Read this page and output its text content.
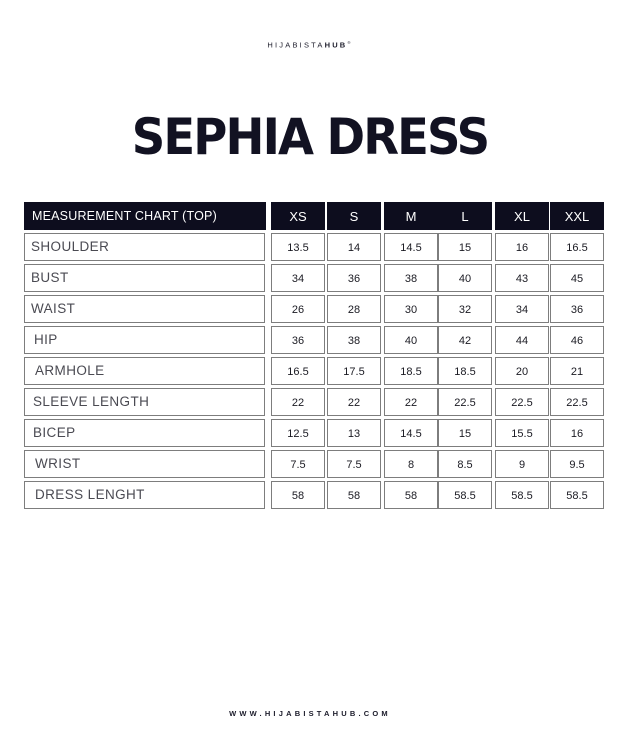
HIJABISTAHUB®
SEPHIA DRESS
MEASUREMENT CHART (TOP)	XS	S	M	L	XL	XXL
SHOULDER	13.5	14	14.5	15	16	16.5
BUST	34	36	38	40	43	45
WAIST	26	28	30	32	34	36
HIP	36	38	40	42	44	46
ARMHOLE	16.5	17.5	18.5	18.5	20	21
SLEEVE LENGTH	22	22	22	22.5	22.5	22.5
BICEP	12.5	13	14.5	15	15.5	16
WRIST	7.5	7.5	8	8.5	9	9.5
DRESS LENGHT	58	58	58	58.5	58.5	58.5
WWW.HIJABISTAHUB.COM
